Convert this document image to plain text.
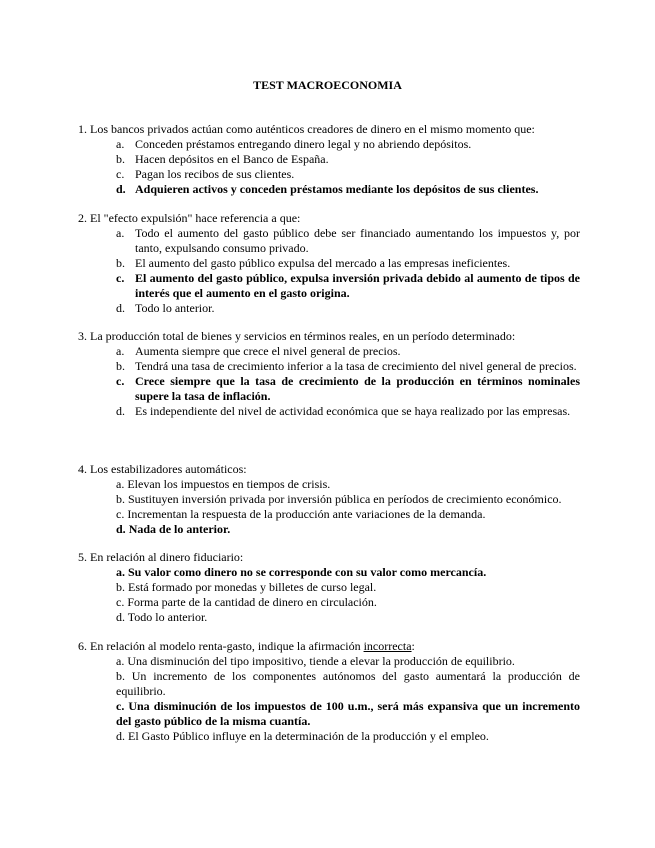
TEST MACROECONOMIA

1. Los bancos privados actúan como auténticos creadores de dinero en el mismo momento que:

a. Conceden préstamos entregando dinero legal y no abriendo depósitos.
b. Hacen depósitos en el Banco de España.
c. Pagan los recibos de sus clientes.
d. Adquieren activos y conceden préstamos mediante los depósitos de sus clientes.

2. El "efecto expulsión" hace referencia a que:

a. Todo el aumento del gasto público debe ser financiado aumentando los impuestos y, por tanto, expulsando consumo privado.
b. El aumento del gasto público expulsa del mercado a las empresas ineficientes.
c. El aumento del gasto público, expulsa inversión privada debido al aumento de tipos de interés que el aumento en el gasto origina.
d. Todo lo anterior.

3. La producción total de bienes y servicios en términos reales, en un período determinado:

a. Aumenta siempre que crece el nivel general de precios.
b. Tendrá una tasa de crecimiento inferior a la tasa de crecimiento del nivel general de precios.
c. Crece siempre que la tasa de crecimiento de la producción en términos nominales supere la tasa de inflación.
d. Es independiente del nivel de actividad económica que se haya realizado por las empresas.

4. Los estabilizadores automáticos:

a. Elevan los impuestos en tiempos de crisis.
b. Sustituyen inversión privada por inversión pública en períodos de crecimiento económico.
c. Incrementan la respuesta de la producción ante variaciones de la demanda.
d. Nada de lo anterior.

5. En relación al dinero fiduciario:

a. Su valor como dinero no se corresponde con su valor como mercancía.
b. Está formado por monedas y billetes de curso legal.
c. Forma parte de la cantidad de dinero en circulación.
d. Todo lo anterior.

6. En relación al modelo renta-gasto, indique la afirmación incorrecta:

a. Una disminución del tipo impositivo, tiende a elevar la producción de equilibrio.
b. Un incremento de los componentes autónomos del gasto aumentará la producción de equilibrio.
c. Una disminución de los impuestos de 100 u.m., será más expansiva que un incremento del gasto público de la misma cuantía.
d. El Gasto Público influye en la determinación de la producción y el empleo.
